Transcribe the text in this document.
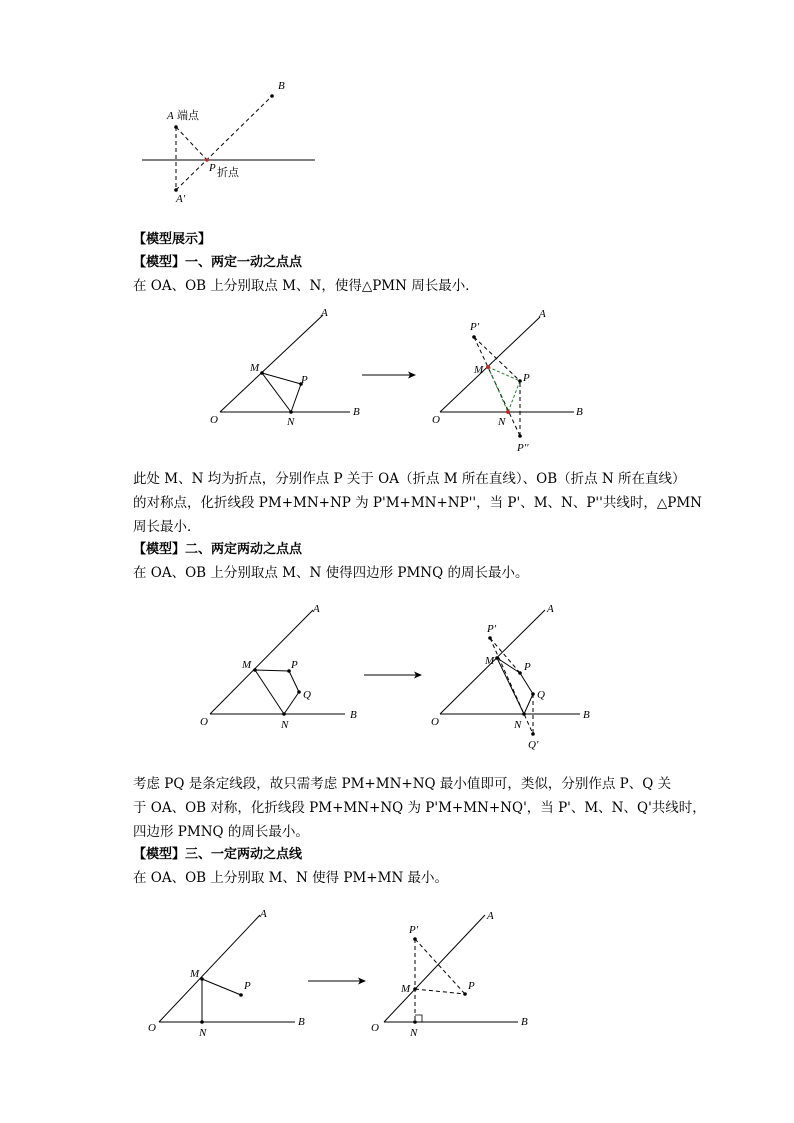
B
A 端点
P 折点
A'
【模型展示】
【模型】一、两定一动之点点
在 OA、OB 上分别取点 M、N，使得△PMN 周长最小．
A
O
B
M
N
P
A
O
B
M
N
P
P'
P''
此处 M、N 均为折点，分别作点 P 关于 OA（折点 M 所在直线）、OB（折点 N 所在直线）
的对称点，化折线段 PM+MN+NP 为 P'M+MN+NP''，当 P'、M、N、P''共线时，△PMN
周长最小．
【模型】二、两定两动之点点
在 OA、OB 上分别取点 M、N 使得四边形 PMNQ 的周长最小。
A
O
B
M
N
P
Q
A
O
B
M
N
P
Q
P'
Q'
考虑 PQ 是条定线段，故只需考虑 PM+MN+NQ 最小值即可，类似，分别作点 P、Q 关
于 OA、OB 对称，化折线段 PM+MN+NQ 为 P'M+MN+NQ'，当 P'、M、N、Q'共线时，
四边形 PMNQ 的周长最小。
【模型】三、一定两动之点线
在 OA、OB 上分别取 M、N 使得 PM+MN 最小。
A
O	B
M
N
P
A
O	B
M
N
P
P'
